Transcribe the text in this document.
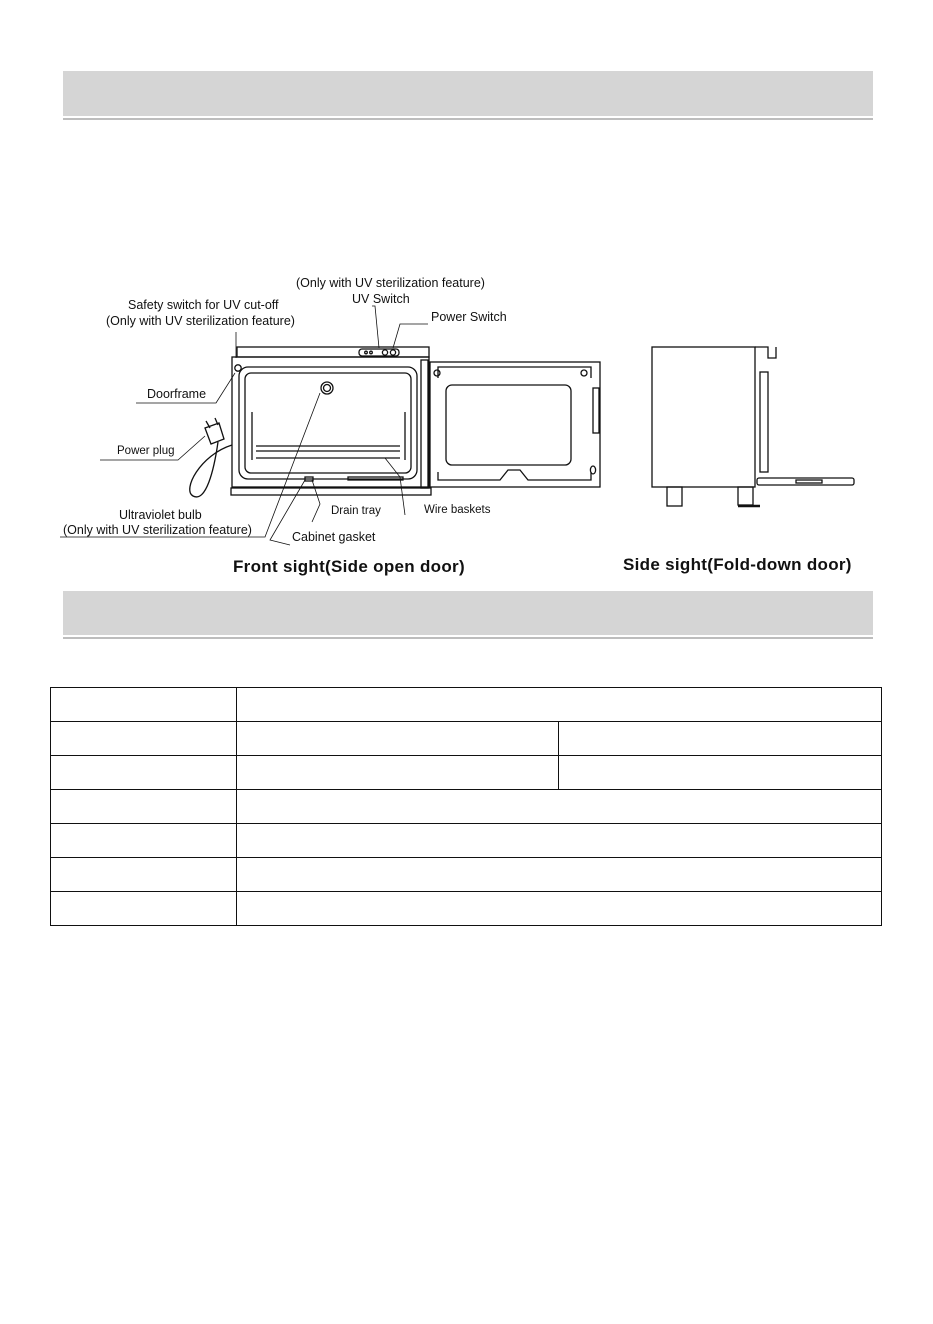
(Only with UV sterilization feature)
UV Switch
Safety switch for UV cut-off
(Only with UV sterilization feature)	Power Switch
Doorframe
Power plug
Ultraviolet bulb
(Only with UV sterilization feature)
Drain tray	Wire baskets
Cabinet gasket
Front sight(Side open door)	Side sight(Fold-down door)
